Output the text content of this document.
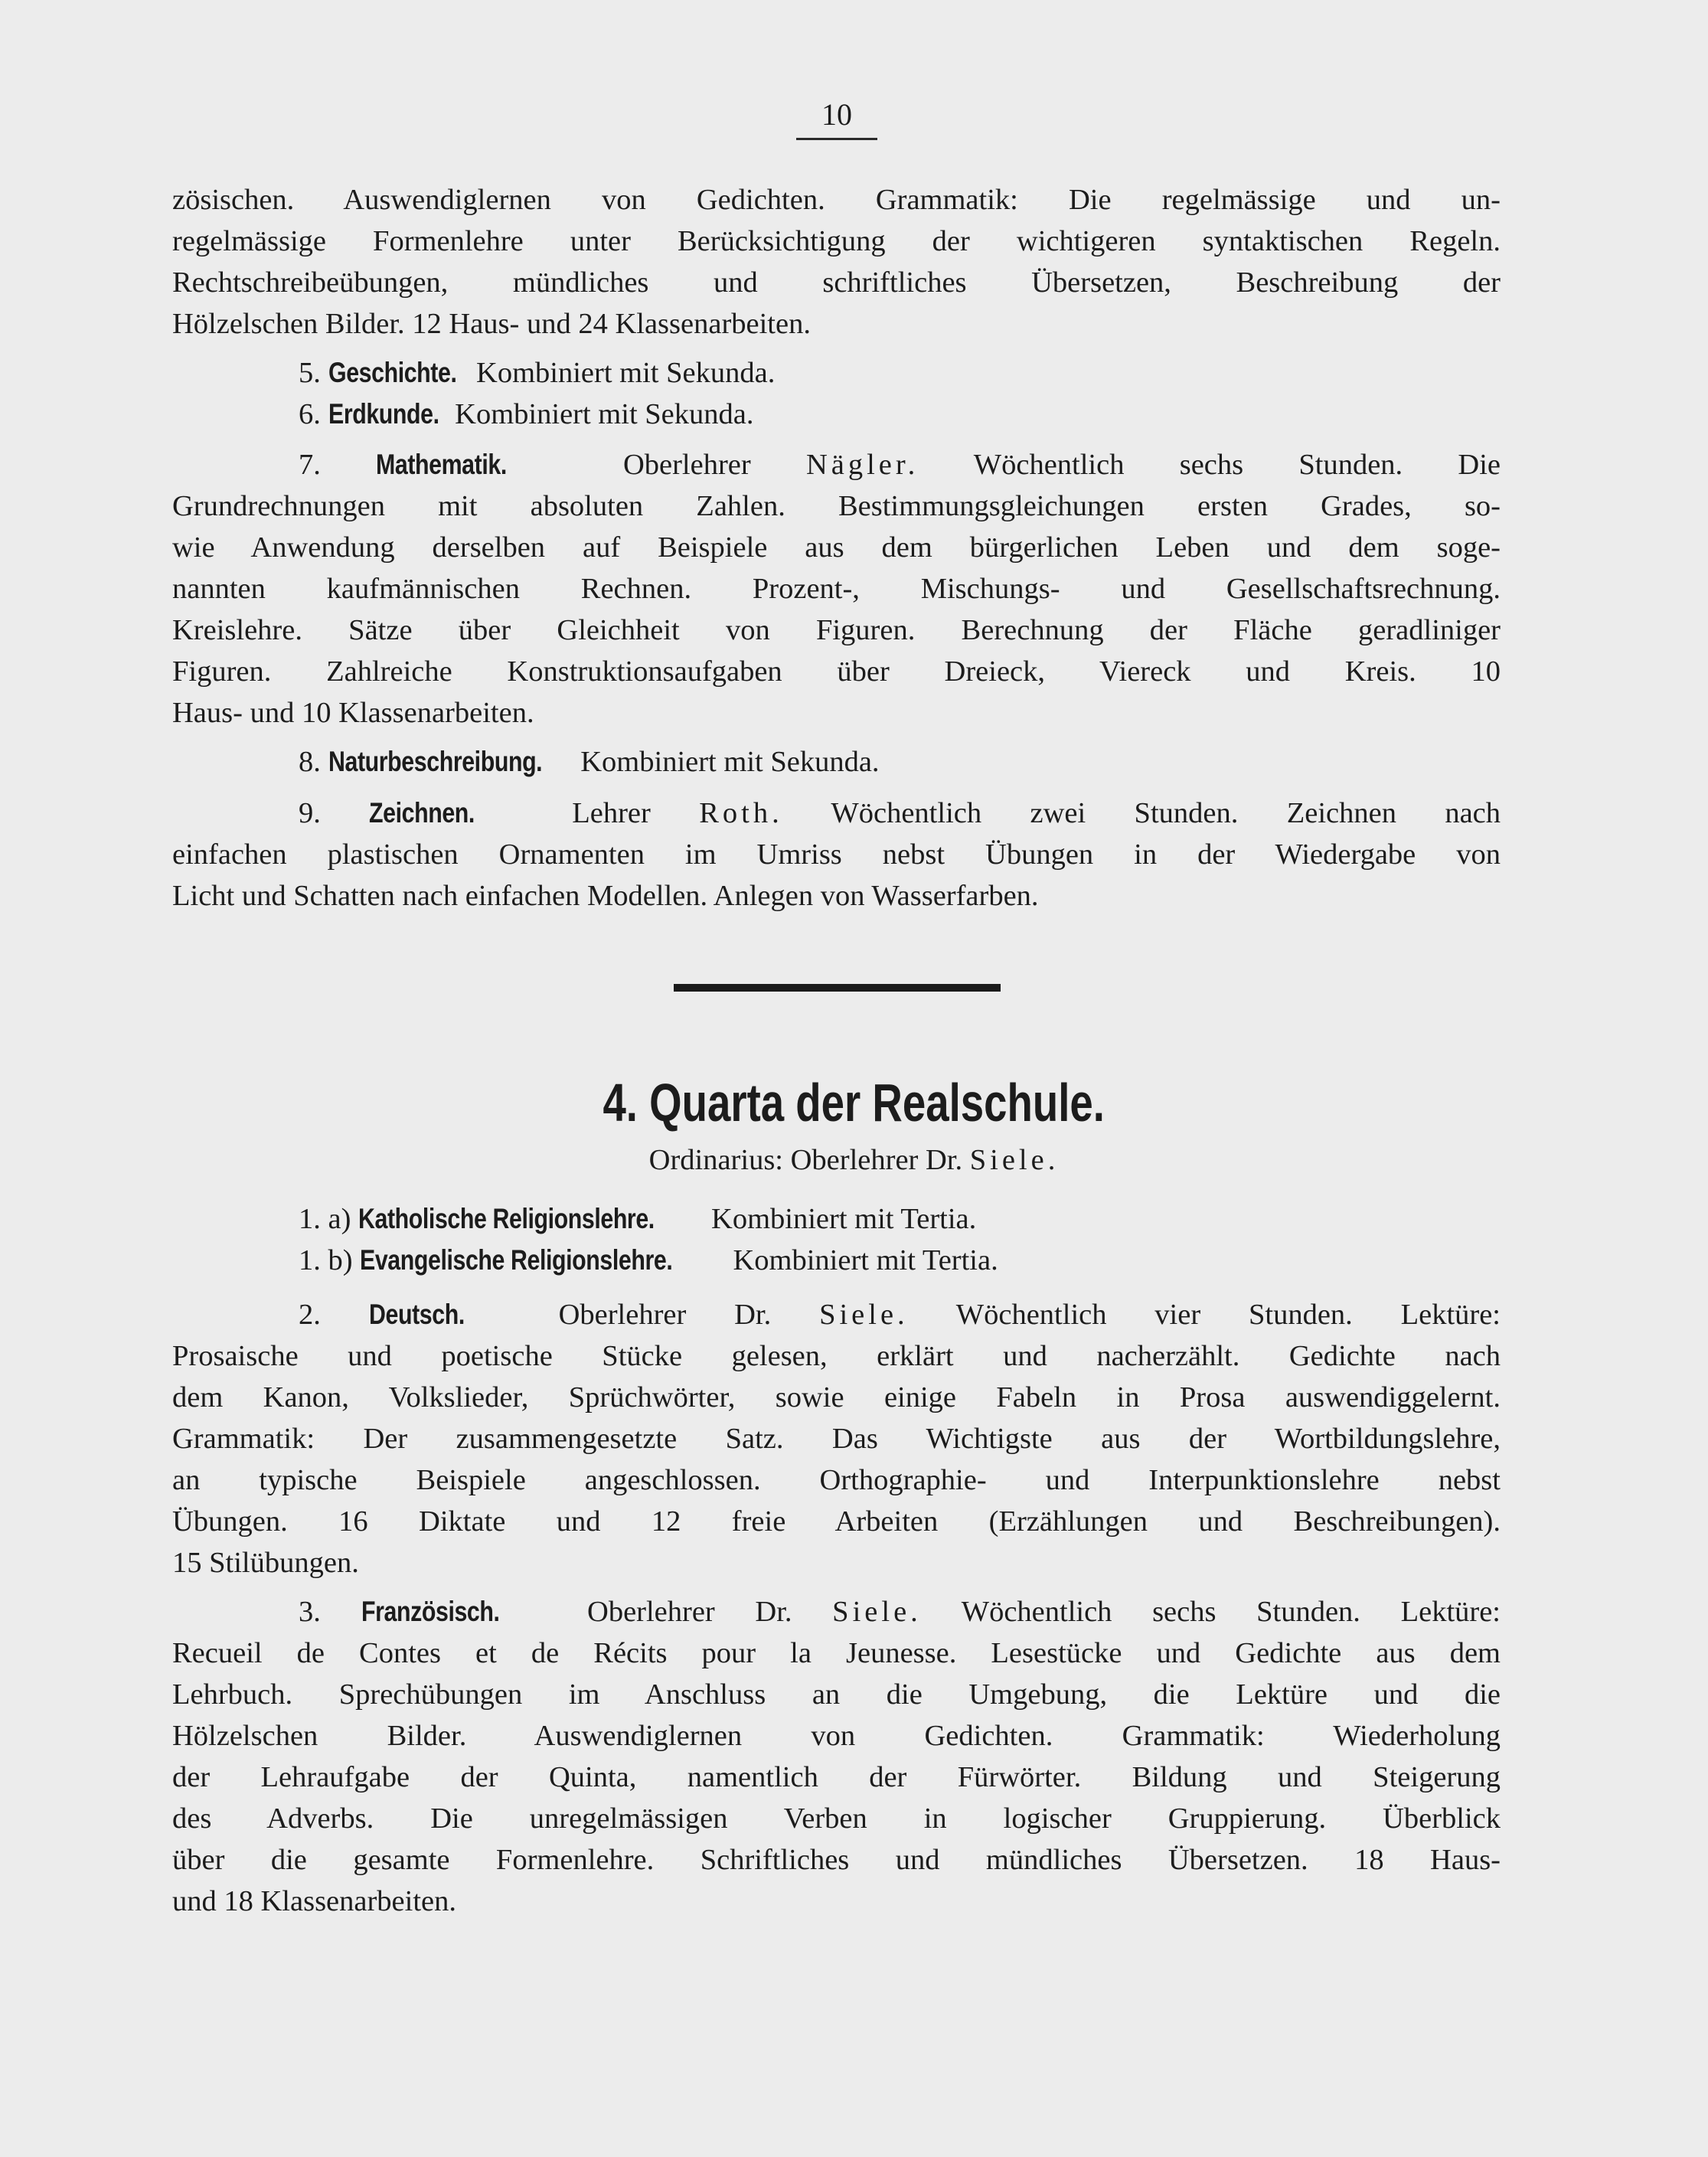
10
zösischen. Auswendiglernen von Gedichten. Grammatik: Die regelmässige und un-
regelmässige Formenlehre unter Berücksichtigung der wichtigeren syntaktischen Regeln.
Rechtschreibeübungen, mündliches und schriftliches Übersetzen, Beschreibung der
Hölzelschen Bilder. 12 Haus- und 24 Klassenarbeiten.
5. Geschichte. Kombiniert mit Sekunda.
6. Erdkunde. Kombiniert mit Sekunda.
7. Mathematik.	Oberlehrer Nägler. Wöchentlich sechs Stunden. Die
Grundrechnungen mit absoluten Zahlen. Bestimmungsgleichungen ersten Grades, so-
wie Anwendung derselben auf Beispiele aus dem bürgerlichen Leben und dem soge-
nannten kaufmännischen Rechnen. Prozent-, Mischungs- und Gesellschaftsrechnung.
Kreislehre. Sätze über Gleichheit von Figuren. Berechnung der Fläche geradliniger
Figuren. Zahlreiche Konstruktionsaufgaben über Dreieck, Viereck und Kreis. 10
Haus- und 10 Klassenarbeiten.
8. Naturbeschreibung. Kombiniert mit Sekunda.
9. Zeichnen.	Lehrer Roth. Wöchentlich zwei Stunden. Zeichnen nach
einfachen plastischen Ornamenten im Umriss nebst Übungen in der Wiedergabe von
Licht und Schatten nach einfachen Modellen. Anlegen von Wasserfarben.
4. Quarta der Realschule.
Ordinarius: Oberlehrer Dr. Siele.
1. a) Katholische Religionslehre. Kombiniert mit Tertia.
1. b) Evangelische Religionslehre. Kombiniert mit Tertia.
2. Deutsch.	Oberlehrer Dr. Siele. Wöchentlich vier Stunden. Lektüre:
Prosaische und poetische Stücke gelesen, erklärt und nacherzählt. Gedichte nach
dem Kanon, Volkslieder, Sprüchwörter, sowie einige Fabeln in Prosa auswendiggelernt.
Grammatik: Der zusammengesetzte Satz. Das Wichtigste aus der Wortbildungslehre,
an typische Beispiele angeschlossen. Orthographie- und Interpunktionslehre nebst
Übungen. 16 Diktate und 12 freie Arbeiten (Erzählungen und Beschreibungen).
15 Stilübungen.
3. Französisch.	Oberlehrer Dr. Siele. Wöchentlich sechs Stunden. Lektüre:
Recueil de Contes et de Récits pour la Jeunesse. Lesestücke und Gedichte aus dem
Lehrbuch. Sprechübungen im Anschluss an die Umgebung, die Lektüre und die
Hölzelschen Bilder. Auswendiglernen von Gedichten. Grammatik: Wiederholung
der Lehraufgabe der Quinta, namentlich der Fürwörter. Bildung und Steigerung
des Adverbs. Die unregelmässigen Verben in logischer Gruppierung. Überblick
über die gesamte Formenlehre. Schriftliches und mündliches Übersetzen. 18 Haus-
und 18 Klassenarbeiten.
